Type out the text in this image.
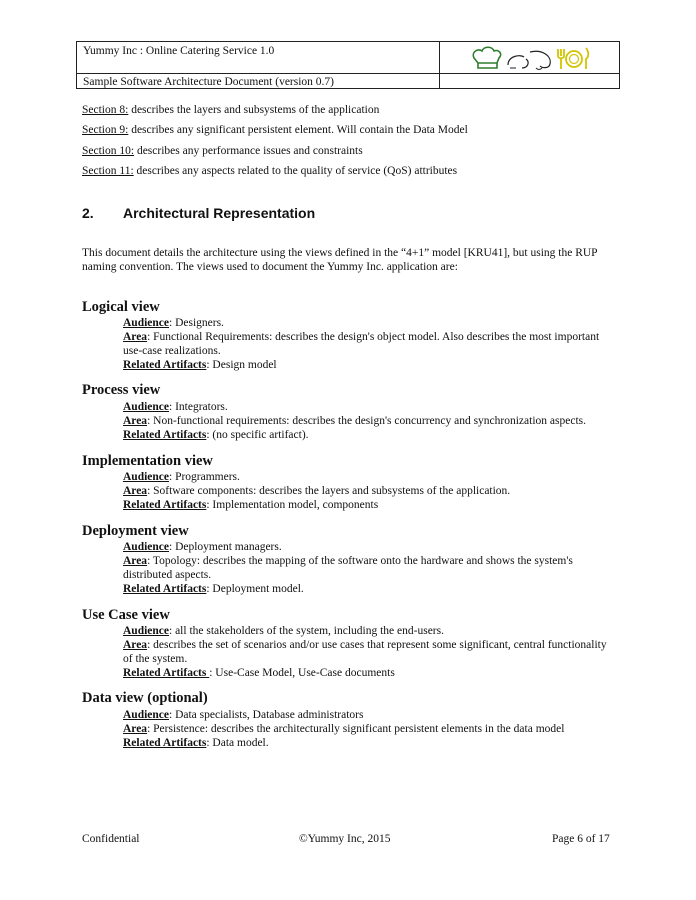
Yummy Inc : Online Catering Service 1.0
Sample Software Architecture Document (version 0.7)
Section 8: describes the layers and subsystems of the application
Section 9: describes any significant persistent element. Will contain the Data Model
Section 10: describes any performance issues and constraints
Section 11: describes any aspects related to the quality of service (QoS) attributes
2. Architectural Representation
This document details the architecture using the views defined in the “4+1” model [KRU41], but using the RUP naming convention. The views used to document the Yummy Inc. application are:
Logical view
Audience: Designers.
Area: Functional Requirements: describes the design's object model. Also describes the most important use-case realizations.
Related Artifacts: Design model
Process view
Audience: Integrators.
Area: Non-functional requirements: describes the design's concurrency and synchronization aspects.
Related Artifacts: (no specific artifact).
Implementation view
Audience: Programmers.
Area: Software components: describes the layers and subsystems of the application.
Related Artifacts: Implementation model, components
Deployment view
Audience: Deployment managers.
Area: Topology: describes the mapping of the software onto the hardware and shows the system's distributed aspects.
Related Artifacts: Deployment model.
Use Case view
Audience: all the stakeholders of the system, including the end-users.
Area: describes the set of scenarios and/or use cases that represent some significant, central functionality of the system.
Related Artifacts : Use-Case Model, Use-Case documents
Data view (optional)
Audience: Data specialists, Database administrators
Area: Persistence: describes the architecturally significant persistent elements in the data model
Related Artifacts: Data model.
Confidential	©Yummy Inc, 2015	Page 6 of 17
